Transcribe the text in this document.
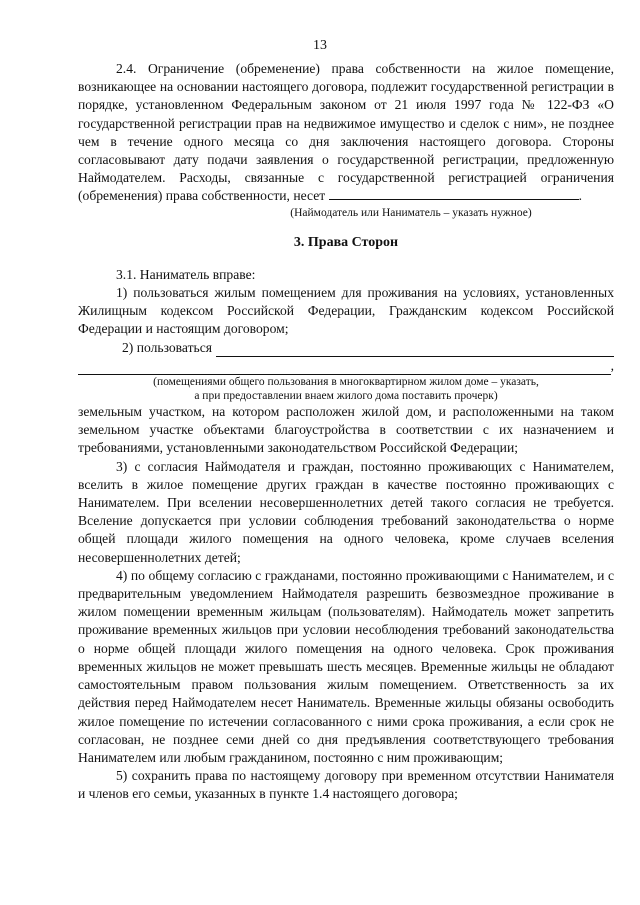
13

2.4. Ограничение (обременение) права собственности на жилое помещение, возникающее на основании настоящего договора, подлежит государственной регистрации в порядке, установленном Федеральным законом от 21 июля 1997 года № 122-ФЗ «О государственной регистрации прав на недвижимое имущество и сделок с ним», не позднее чем в течение одного месяца со дня заключения настоящего договора. Стороны согласовывают дату подачи заявления о государственной регистрации, предложенную Наймодателем. Расходы, связанные с государственной регистрацией ограничения (обременения) права собственности, несет	.

(Наймодатель или Наниматель – указать нужное)

3. Права Сторон

3.1. Наниматель вправе:

1) пользоваться жилым помещением для проживания на условиях, установленных Жилищным кодексом Российской Федерации, Гражданским кодексом Российской Федерации и настоящим договором;

2) пользоваться
,

(помещениями общего пользования в многоквартирном жилом доме – указать,

а при предоставлении внаем жилого дома поставить прочерк)

земельным участком, на котором расположен жилой дом, и расположенными на таком земельном участке объектами благоустройства в соответствии с их назначением и требованиями, установленными законодательством Российской Федерации;

3) с согласия Наймодателя и граждан, постоянно проживающих с Нанимателем, вселить в жилое помещение других граждан в качестве постоянно проживающих с Нанимателем. При вселении несовершеннолетних детей такого согласия не требуется. Вселение допускается при условии соблюдения требований законодательства о норме общей площади жилого помещения на одного человека, кроме случаев вселения несовершеннолетних детей;

4) по общему согласию с гражданами, постоянно проживающими с Нанимателем, и с предварительным уведомлением Наймодателя разрешить безвозмездное проживание в жилом помещении временным жильцам (пользователям). Наймодатель может запретить проживание временных жильцов при условии несоблюдения требований законодательства о норме общей площади жилого помещения на одного человека. Срок проживания временных жильцов не может превышать шесть месяцев. Временные жильцы не обладают самостоятельным правом пользования жилым помещением. Ответственность за их действия перед Наймодателем несет Наниматель. Временные жильцы обязаны освободить жилое помещение по истечении согласованного с ними срока проживания, а если срок не согласован, не позднее семи дней со дня предъявления соответствующего требования Нанимателем или любым гражданином, постоянно с ним проживающим;

5) сохранить права по настоящему договору при временном отсутствии Нанимателя и членов его семьи, указанных в пункте 1.4 настоящего договора;
